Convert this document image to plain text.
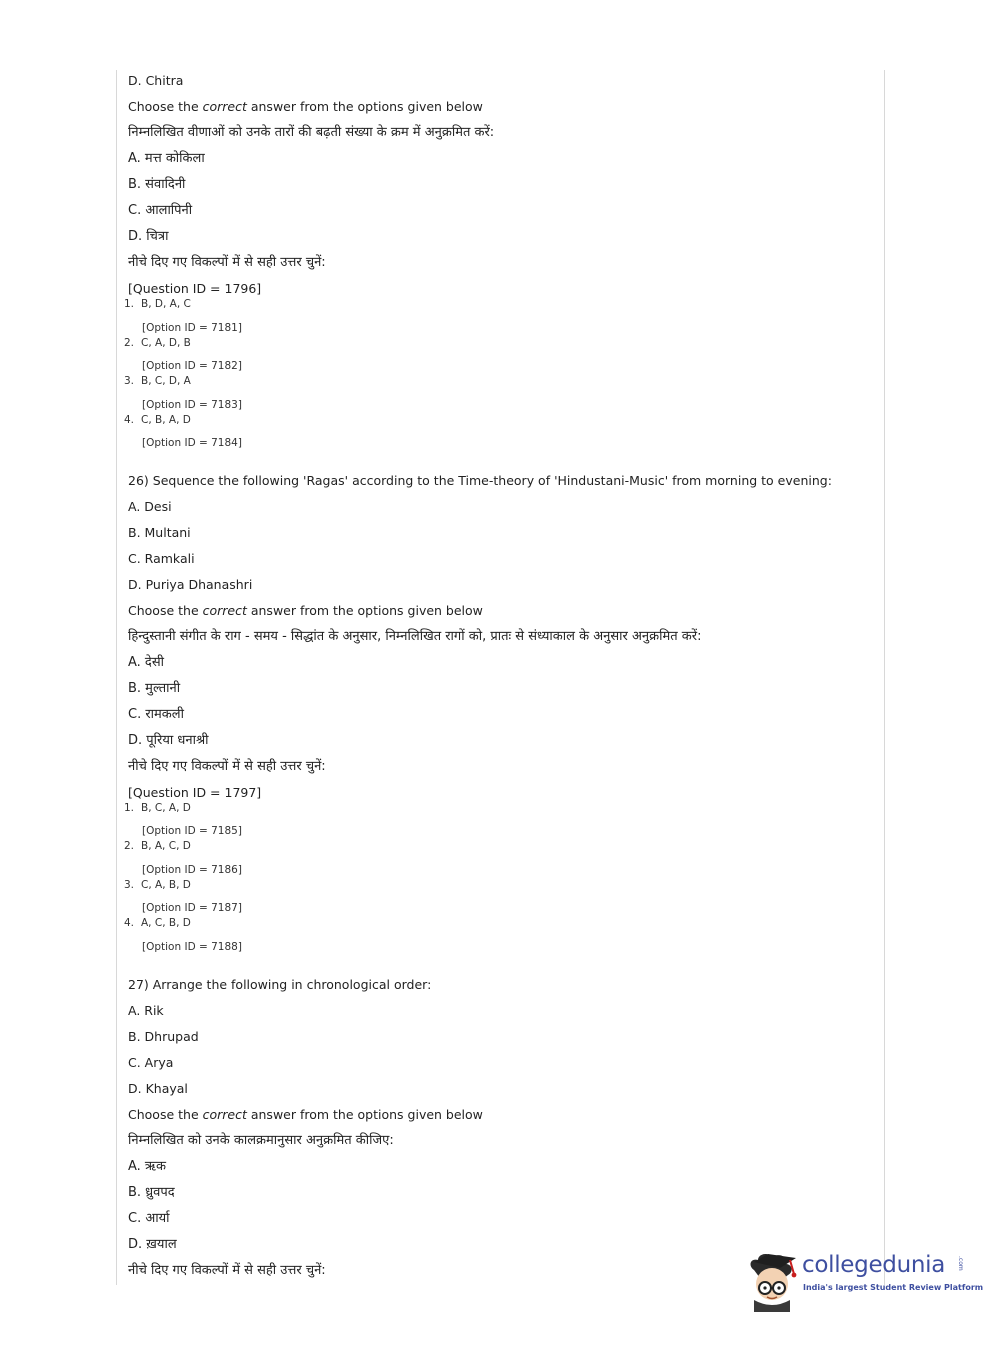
D. Chitra
Choose the correct answer from the options given below
निम्नलिखित वीणाओं को उनके तारों की बढ़ती संख्या के क्रम में अनुक्रमित करें:
A. मत्त कोकिला
B. संवादिनी
C. आलापिनी
D. चित्रा
नीचे दिए गए विकल्पों में से सही उत्तर चुनें:
[Question ID = 1796]
1. B, D, A, C
[Option ID = 7181]
2. C, A, D, B
[Option ID = 7182]
3. B, C, D, A
[Option ID = 7183]
4. C, B, A, D
[Option ID = 7184]
26) Sequence the following 'Ragas' according to the Time-theory of 'Hindustani-Music' from morning to evening:
A. Desi
B. Multani
C. Ramkali
D. Puriya Dhanashri
Choose the correct answer from the options given below
हिन्दुस्तानी संगीत के राग - समय - सिद्धांत के अनुसार, निम्नलिखित रागों को, प्रातः से संध्याकाल के अनुसार अनुक्रमित करें:
A. देसी
B. मुल्तानी
C. रामकली
D. पूरिया धनाश्री
नीचे दिए गए विकल्पों में से सही उत्तर चुनें:
[Question ID = 1797]
1. B, C, A, D
[Option ID = 7185]
2. B, A, C, D
[Option ID = 7186]
3. C, A, B, D
[Option ID = 7187]
4. A, C, B, D
[Option ID = 7188]
27) Arrange the following in chronological order:
A. Rik
B. Dhrupad
C. Arya
D. Khayal
Choose the correct answer from the options given below
निम्नलिखित को उनके कालक्रमानुसार अनुक्रमित कीजिए:
A. ऋक
B. ध्रुवपद
C. आर्या
D. ख़याल
नीचे दिए गए विकल्पों में से सही उत्तर चुनें:	collegedunia .com
India's largest Student Review Platform
